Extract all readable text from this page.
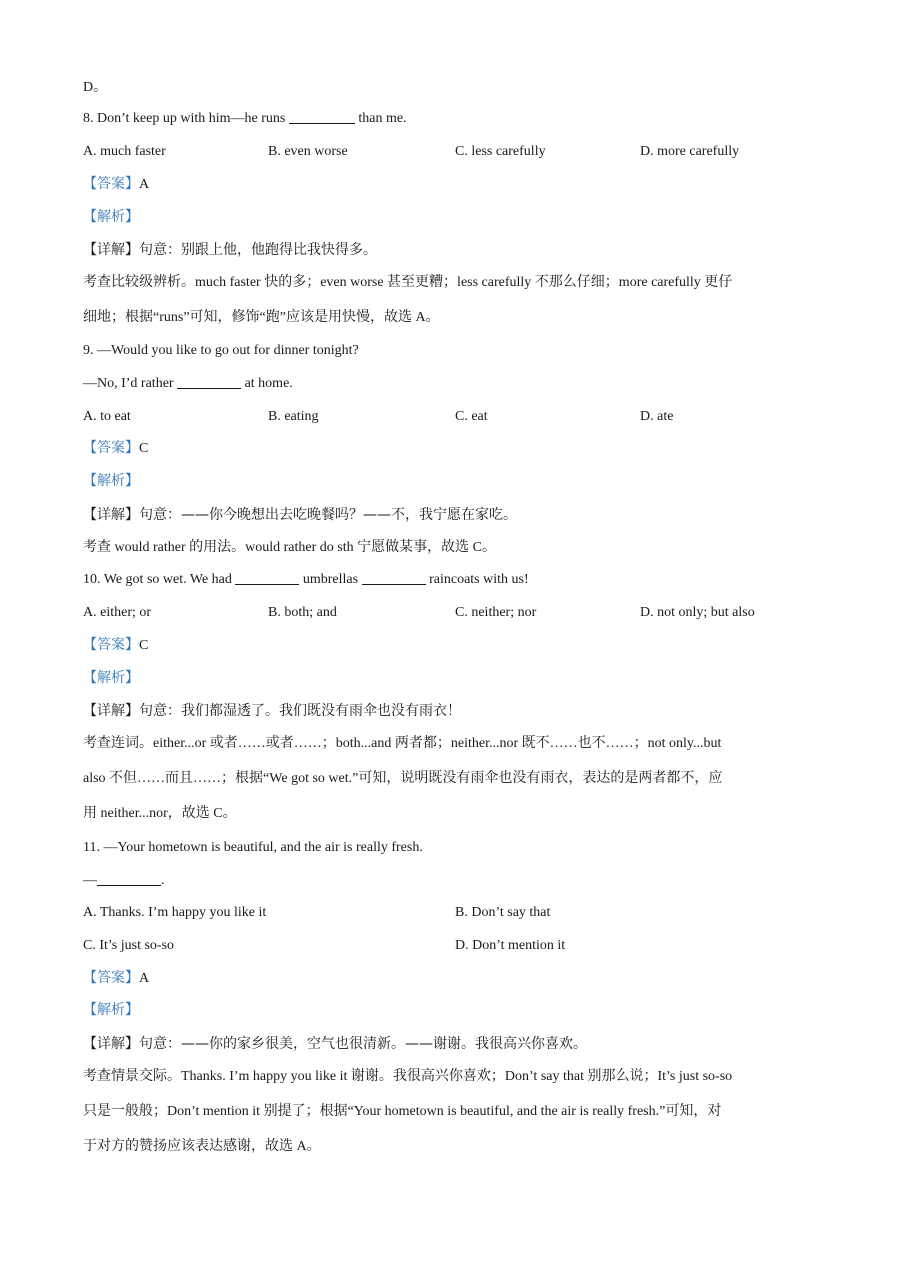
D。
8. Don’t keep up with him—he runs	than me.
A. much faster	B. even worse	C. less carefully	D. more carefully
【答案】A
【解析】
【详解】句意：别跟上他，他跑得比我快得多。
考查比较级辨析。much faster 快的多；even worse 甚至更糟；less carefully 不那么仔细；more carefully 更仔
细地；根据“runs”可知，修饰“跑”应该是用快慢，故选 A。
9. —Would you like to go out for dinner tonight?
—No, I’d rather	at home.
A. to eat	B. eating	C. eat	D. ate
【答案】C
【解析】
【详解】句意：——你今晚想出去吃晚餐吗？——不，我宁愿在家吃。
考查 would rather 的用法。would rather do sth 宁愿做某事，故选 C。
10. We got so wet. We had	umbrellas	raincoats with us!
A. either; or	B. both; and	C. neither; nor	D. not only; but also
【答案】C
【解析】
【详解】句意：我们都湿透了。我们既没有雨伞也没有雨衣！
考查连词。either...or 或者……或者……；both...and 两者都；neither...nor 既不……也不……；not only...but
also 不但……而且……；根据“We got so wet.”可知，说明既没有雨伞也没有雨衣，表达的是两者都不，应
用 neither...nor，故选 C。
11. —Your hometown is beautiful, and the air is really fresh.
—	.
A. Thanks. I’m happy you like it	B. Don’t say that
C. It’s just so-so	D. Don’t mention it
【答案】A
【解析】
【详解】句意：——你的家乡很美，空气也很清新。——谢谢。我很高兴你喜欢。
考查情景交际。Thanks. I’m happy you like it 谢谢。我很高兴你喜欢；Don’t say that 别那么说；It’s just so-so
只是一般般；Don’t mention it 别提了；根据“Your hometown is beautiful, and the air is really fresh.”可知，对
于对方的赞扬应该表达感谢，故选 A。
